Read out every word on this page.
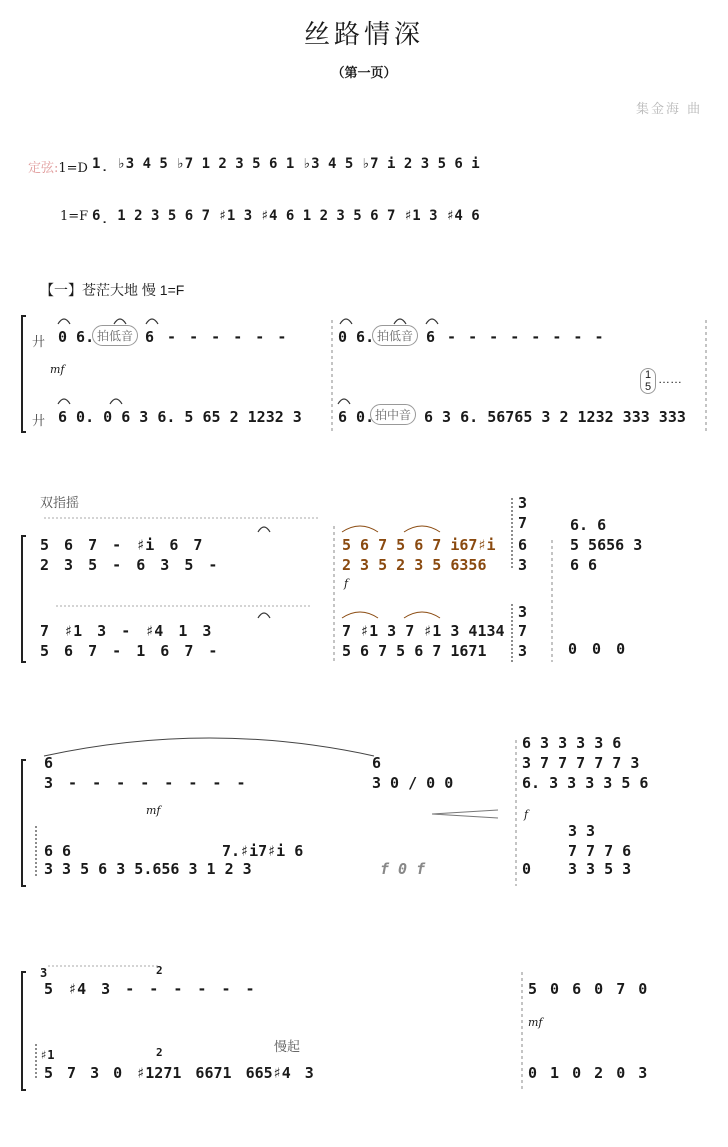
丝路情深
（第一页）
集金海 曲
定弦:1=D 1̣ ♭3 4 5 ♭7 1 2 3 5 6 1 ♭3 4 5 ♭7 i 2 3 5 6 i
1=F 6̣ 1 2 3 5 6 7 ♯1 3 ♯4 6 1 2 3 5 6 7 ♯1 3 ♯4 6
【一】苍茫大地 慢 1=F
廾 0 6. 拍低音 6 - - - - - -	0 6. 拍低音 6 - - - - - - - -
mf
廾 6 0. 0 6 3 6. 5 65 2 1232 3 6 0. 拍中音 6 3 6. 56765 3 2 1232 333 333
1
5
……
双指摇
5 6 7 - ♯i 6 7
2 3 5 - 6 3 5 -
5 6 7 5 6 7 i67♯i
2 3 5 2 3 5 6356
3
7
6
3
6. 6
5 5656 3
6 6
f
7 ♯1 3 - ♯4 1 3
5 6 7 - 1 6 7 -
7 ♯1 3 7 ♯1 3 4134
5 6 7 5 6 7 1671
3
7
3	0 0 0
6
3 - - - - - - - -
6
3 0 / 0 0
mf
6 3 3 3 3 6
3 7 7 7 7 7 3
6. 3 3 3 3 5 6
f
6 6
3 3 5 6 3 5.656 3 1 2 3
7.♯i7♯i 6
f 0 f	0
3 3
7 7 7 6
3 3 5 3
3
5 ♯4 3 - - - - - -
2
5 0 6 0 7 0
mf
慢起
♯1
5 7 3 0 ♯1271 6671 665♯4 3
2
0 1 0 2 0 3
